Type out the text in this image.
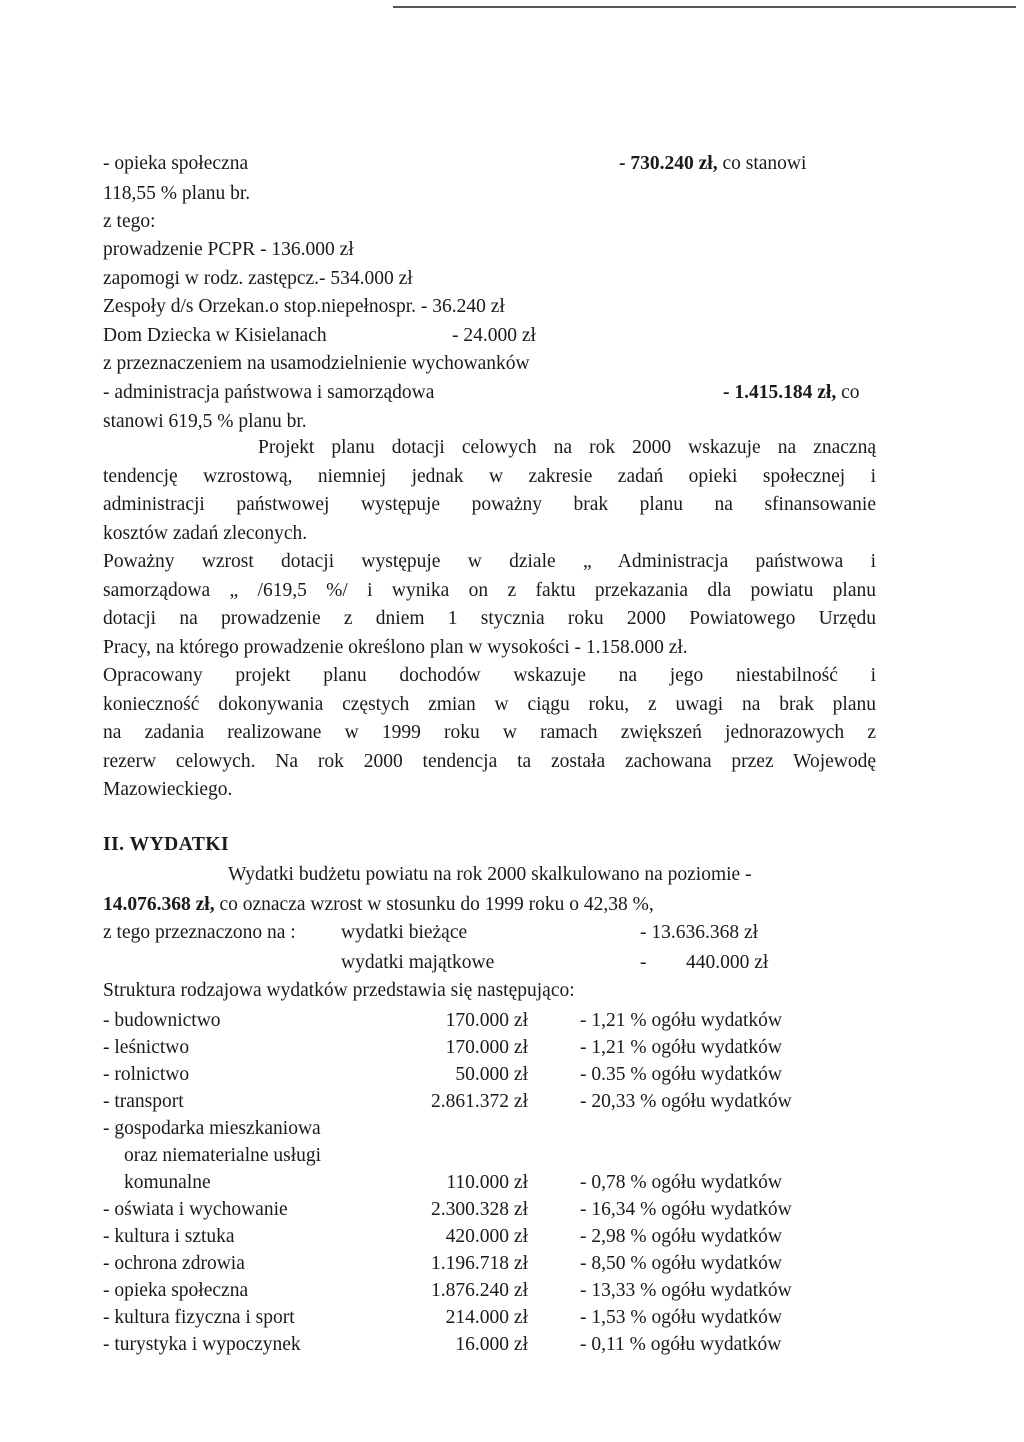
- opieka społeczna	- 730.240 zł, co stanowi
118,55 % planu br.
z tego:
prowadzenie PCPR - 136.000 zł
zapomogi w rodz. zastępcz.- 534.000 zł
Zespoły d/s Orzekan.o stop.niepełnospr. - 36.240 zł
Dom Dziecka w Kisielanach	- 24.000 zł
z przeznaczeniem na usamodzielnienie wychowanków
- administracja państwowa i samorządowa	- 1.415.184 zł, co
stanowi 619,5 % planu br.
Projekt planu dotacji celowych na rok 2000 wskazuje na znaczną
tendencję wzrostową, niemniej jednak w zakresie zadań opieki społecznej i
administracji państwowej występuje poważny brak planu na sfinansowanie
kosztów zadań zleconych.
Poważny wzrost dotacji występuje w dziale „ Administracja państwowa i
samorządowa „ /619,5 %/ i wynika on z faktu przekazania dla powiatu planu
dotacji na prowadzenie z dniem 1 stycznia roku 2000 Powiatowego Urzędu
Pracy, na którego prowadzenie określono plan w wysokości - 1.158.000 zł.
Opracowany projekt planu dochodów wskazuje na jego niestabilność i
konieczność dokonywania częstych zmian w ciągu roku, z uwagi na brak planu
na zadania realizowane w 1999 roku w ramach zwiększeń jednorazowych z
rezerw celowych. Na rok 2000 tendencja ta została zachowana przez Wojewodę
Mazowieckiego.
II. WYDATKI
Wydatki budżetu powiatu na rok 2000 skalkulowano na poziomie -
14.076.368 zł, co oznacza wzrost w stosunku do 1999 roku o 42,38 %,
z tego przeznaczono na : wydatki bieżące	- 13.636.368 zł
wydatki majątkowe	- 440.000 zł
Struktura rodzajowa wydatków przedstawia się następująco:
- budownictwo	170.000 zł	- 1,21 % ogółu wydatków
- leśnictwo	170.000 zł	- 1,21 % ogółu wydatków
- rolnictwo	50.000 zł	- 0.35 % ogółu wydatków
- transport	2.861.372 zł	- 20,33 % ogółu wydatków
- gospodarka mieszkaniowa
oraz niematerialne usługi
komunalne	110.000 zł	- 0,78 % ogółu wydatków
- oświata i wychowanie	2.300.328 zł	- 16,34 % ogółu wydatków
- kultura i sztuka	420.000 zł	- 2,98 % ogółu wydatków
- ochrona zdrowia	1.196.718 zł	- 8,50 % ogółu wydatków
- opieka społeczna	1.876.240 zł	- 13,33 % ogółu wydatków
- kultura fizyczna i sport	214.000 zł	- 1,53 % ogółu wydatków
- turystyka i wypoczynek	16.000 zł	- 0,11 % ogółu wydatków
